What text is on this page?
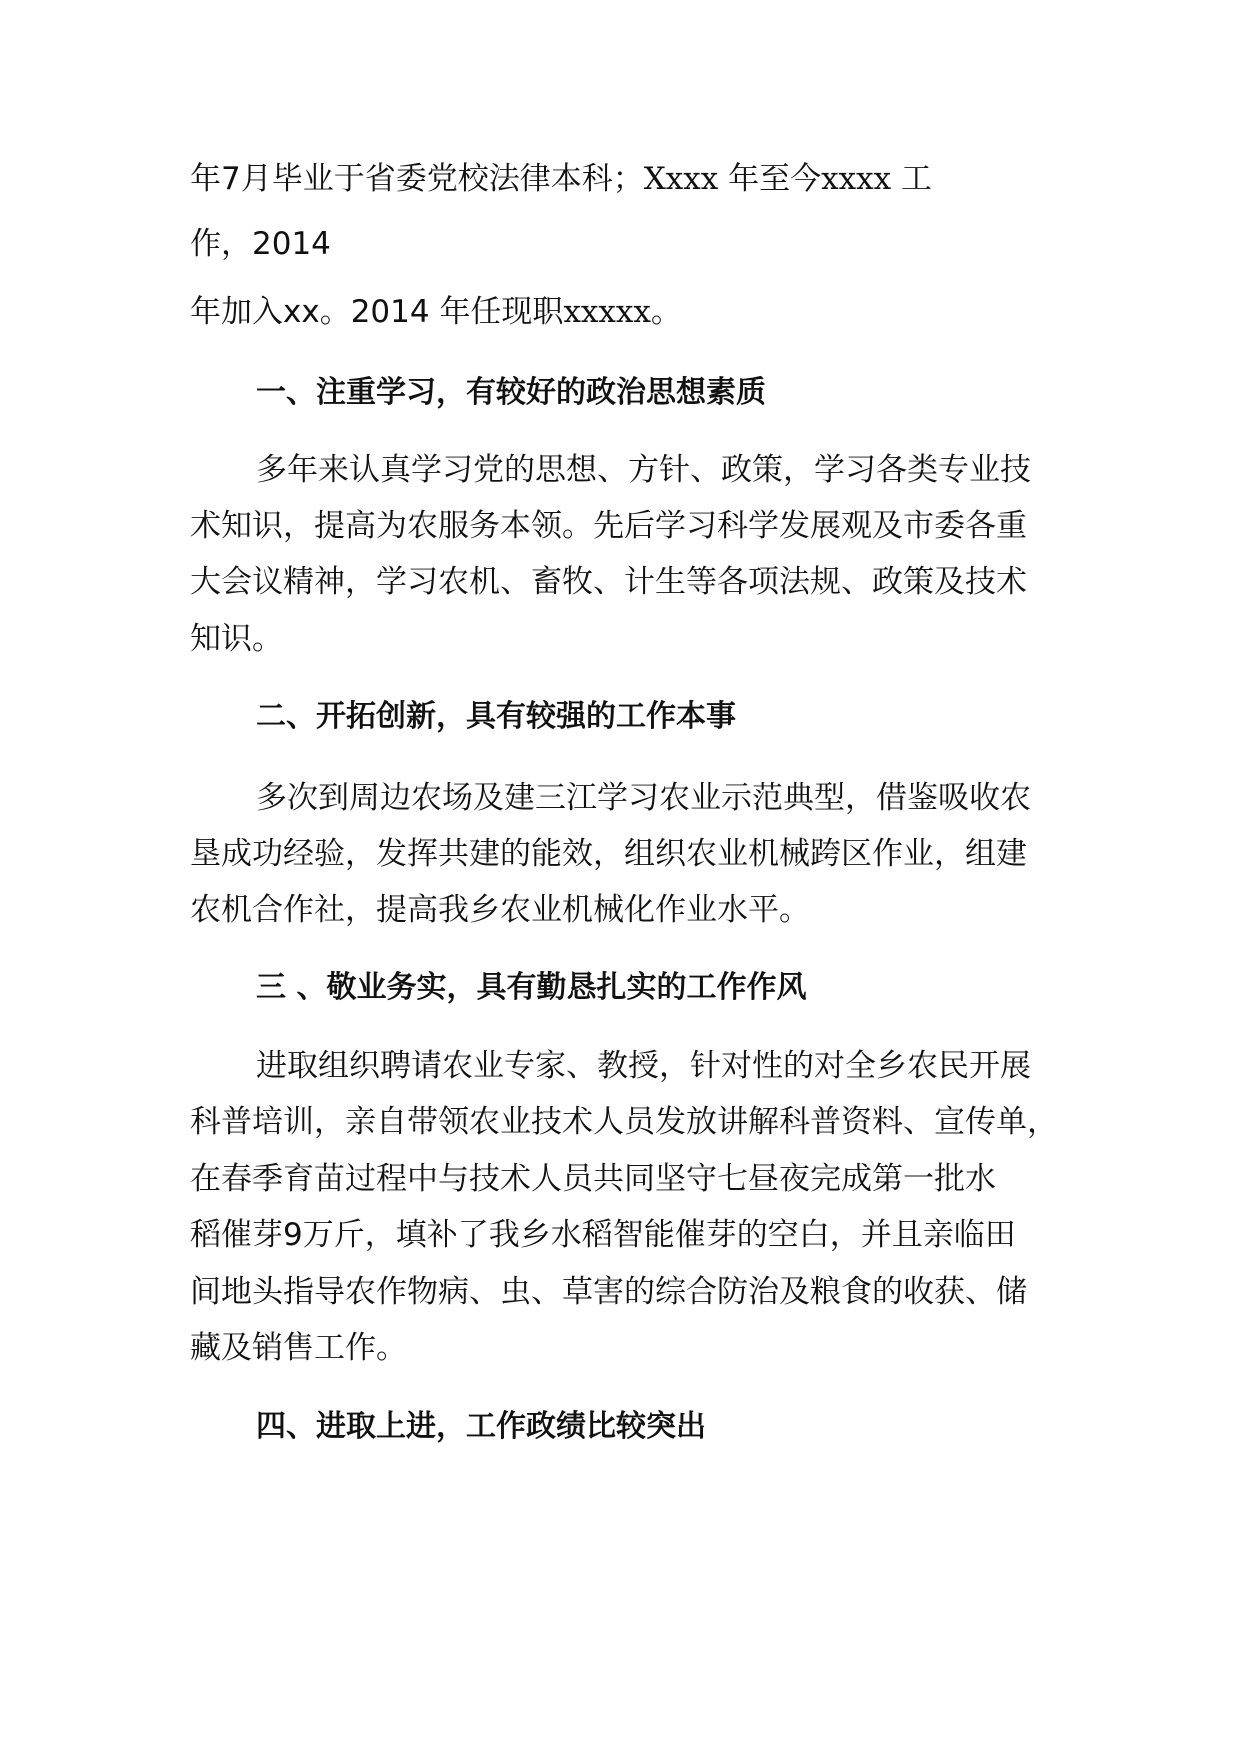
年7月毕业于省委党校法律本科；Xxxx 年至今xxxx 工
作，2014
年加入xx。2014 年任现职xxxxx。
一、注重学习，有较好的政治思想素质
多年来认真学习党的思想、方针、政策，学习各类专业技
术知识，提高为农服务本领。先后学习科学发展观及市委各重
大会议精神，学习农机、畜牧、计生等各项法规、政策及技术
知识。
二、开拓创新，具有较强的工作本事
多次到周边农场及建三江学习农业示范典型，借鉴吸收农
垦成功经验，发挥共建的能效，组织农业机械跨区作业，组建
农机合作社，提高我乡农业机械化作业水平。
三 、敬业务实，具有勤恳扎实的工作作风
进取组织聘请农业专家、教授，针对性的对全乡农民开展
科普培训，亲自带领农业技术人员发放讲解科普资料、宣传单，
在春季育苗过程中与技术人员共同坚守七昼夜完成第一批水
稻催芽9万斤，填补了我乡水稻智能催芽的空白，并且亲临田
间地头指导农作物病、虫、草害的综合防治及粮食的收获、储
藏及销售工作。
四、进取上进，工作政绩比较突出
